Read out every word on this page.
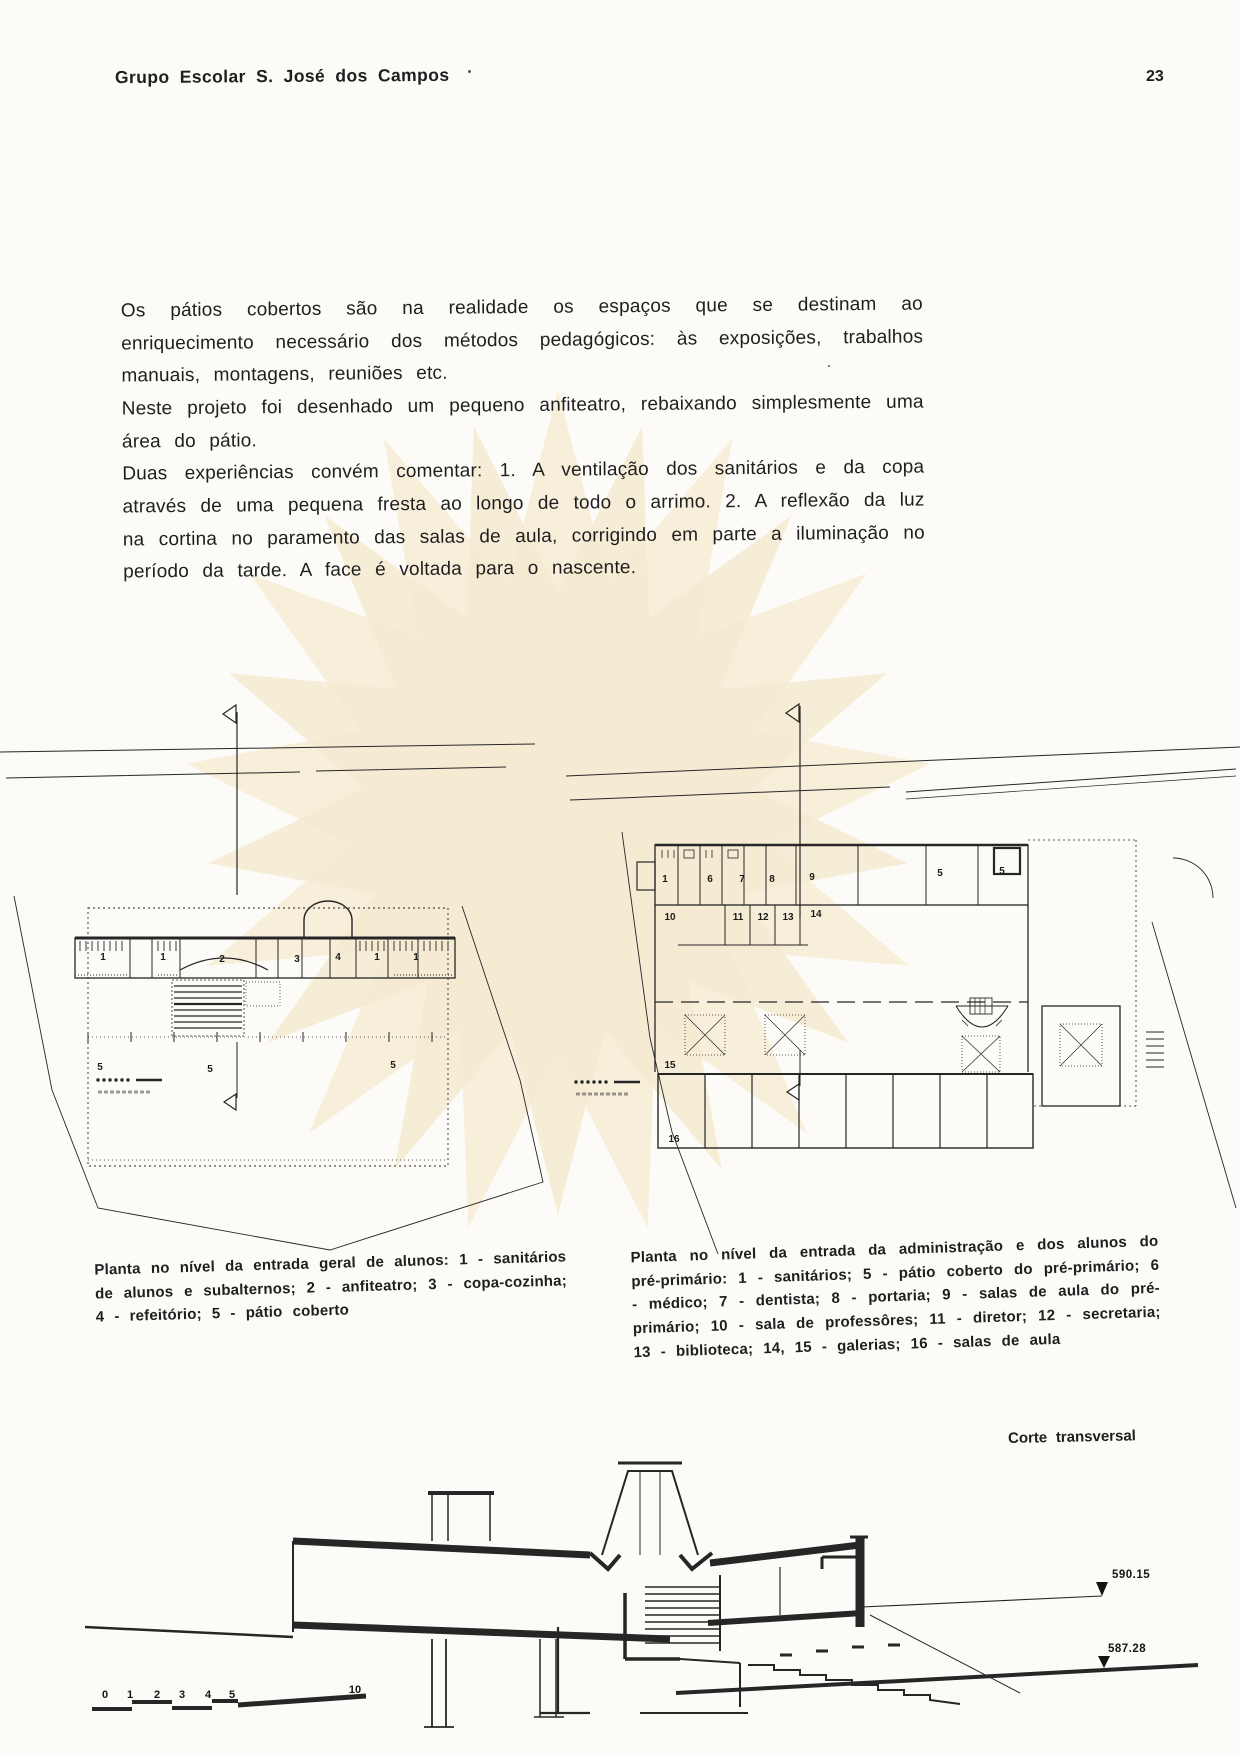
Grupo Escolar S. José dos Campos	23

Os pátios cobertos são na realidade os espaços que se destinam ao enriquecimento necessário dos métodos pedagógicos: às exposições, trabalhos manuais, montagens, reuniões etc.

Neste projeto foi desenhado um pequeno anfiteatro, rebaixando simplesmente uma área do pátio.

Duas experiências convém comentar: 1. A ventilação dos sanitários e da copa através de uma pequena fresta ao longo de todo o arrimo. 2. A reflexão da luz na cortina no paramento das salas de aula, corrigindo em parte a iluminação no período da tarde. A face é voltada para o nascente.

1	1	2	3	4	1	1
5	5	5
1	6	7 8	9	5	5
10	11 12 13 14
15
16
Planta no nível da entrada geral de alunos: 1 - sanitários de alunos e subalternos; 2 - anfiteatro; 3 - copa-cozinha; 4 - refeitório; 5 - pátio coberto
Planta no nível da entrada da administração e dos alunos do pré-primário: 1 - sanitários; 5 - pátio coberto do pré-primário; 6 - médico; 7 - dentista; 8 - portaria; 9 - salas de aula do pré-primário; 10 - sala de professôres; 11 - diretor; 12 - secretaria; 13 - biblioteca; 14, 15 - galerias; 16 - salas de aula
Corte transversal
590.15
587.28
0 1 2 3 4 5	10
